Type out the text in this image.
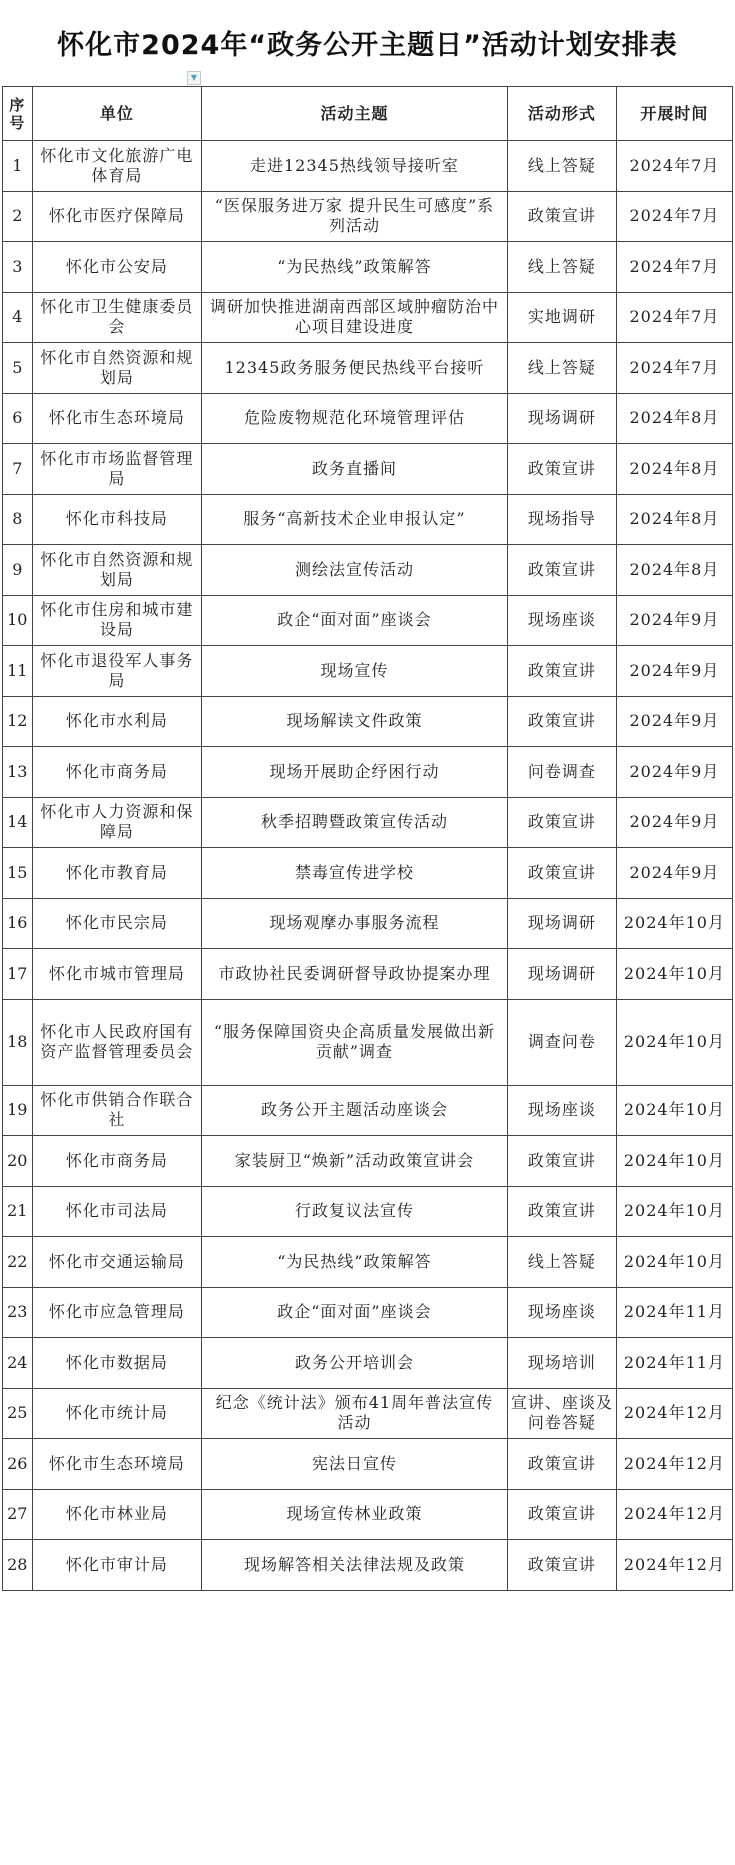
怀化市2024年“政务公开主题日”活动计划安排表
▼
序号	单位	活动主题	活动形式	开展时间
1	怀化市文化旅游广电体育局	走进12345热线领导接听室	线上答疑	2024年7月
2	怀化市医疗保障局	“医保服务进万家 提升民生可感度”系列活动	政策宣讲	2024年7月
3	怀化市公安局	“为民热线”政策解答	线上答疑	2024年7月
4	怀化市卫生健康委员会	调研加快推进湖南西部区域肿瘤防治中心项目建设进度	实地调研	2024年7月
5	怀化市自然资源和规划局	12345政务服务便民热线平台接听	线上答疑	2024年7月
6	怀化市生态环境局	危险废物规范化环境管理评估	现场调研	2024年8月
7	怀化市市场监督管理局	政务直播间	政策宣讲	2024年8月
8	怀化市科技局	服务“高新技术企业申报认定”	现场指导	2024年8月
9	怀化市自然资源和规划局	测绘法宣传活动	政策宣讲	2024年8月
10	怀化市住房和城市建设局	政企“面对面”座谈会	现场座谈	2024年9月
11	怀化市退役军人事务局	现场宣传	政策宣讲	2024年9月
12	怀化市水利局	现场解读文件政策	政策宣讲	2024年9月
13	怀化市商务局	现场开展助企纾困行动	问卷调查	2024年9月
14	怀化市人力资源和保障局	秋季招聘暨政策宣传活动	政策宣讲	2024年9月
15	怀化市教育局	禁毒宣传进学校	政策宣讲	2024年9月
16	怀化市民宗局	现场观摩办事服务流程	现场调研	2024年10月
17	怀化市城市管理局	市政协社民委调研督导政协提案办理	现场调研	2024年10月
18	怀化市人民政府国有资产监督管理委员会	“服务保障国资央企高质量发展做出新贡献”调查	调查问卷	2024年10月
19	怀化市供销合作联合社	政务公开主题活动座谈会	现场座谈	2024年10月
20	怀化市商务局	家装厨卫“焕新”活动政策宣讲会	政策宣讲	2024年10月
21	怀化市司法局	行政复议法宣传	政策宣讲	2024年10月
22	怀化市交通运输局	“为民热线”政策解答	线上答疑	2024年10月
23	怀化市应急管理局	政企“面对面”座谈会	现场座谈	2024年11月
24	怀化市数据局	政务公开培训会	现场培训	2024年11月
25	怀化市统计局	纪念《统计法》颁布41周年普法宣传活动	宣讲、座谈及问卷答疑	2024年12月
26	怀化市生态环境局	宪法日宣传	政策宣讲	2024年12月
27	怀化市林业局	现场宣传林业政策	政策宣讲	2024年12月
28	怀化市审计局	现场解答相关法律法规及政策	政策宣讲	2024年12月
